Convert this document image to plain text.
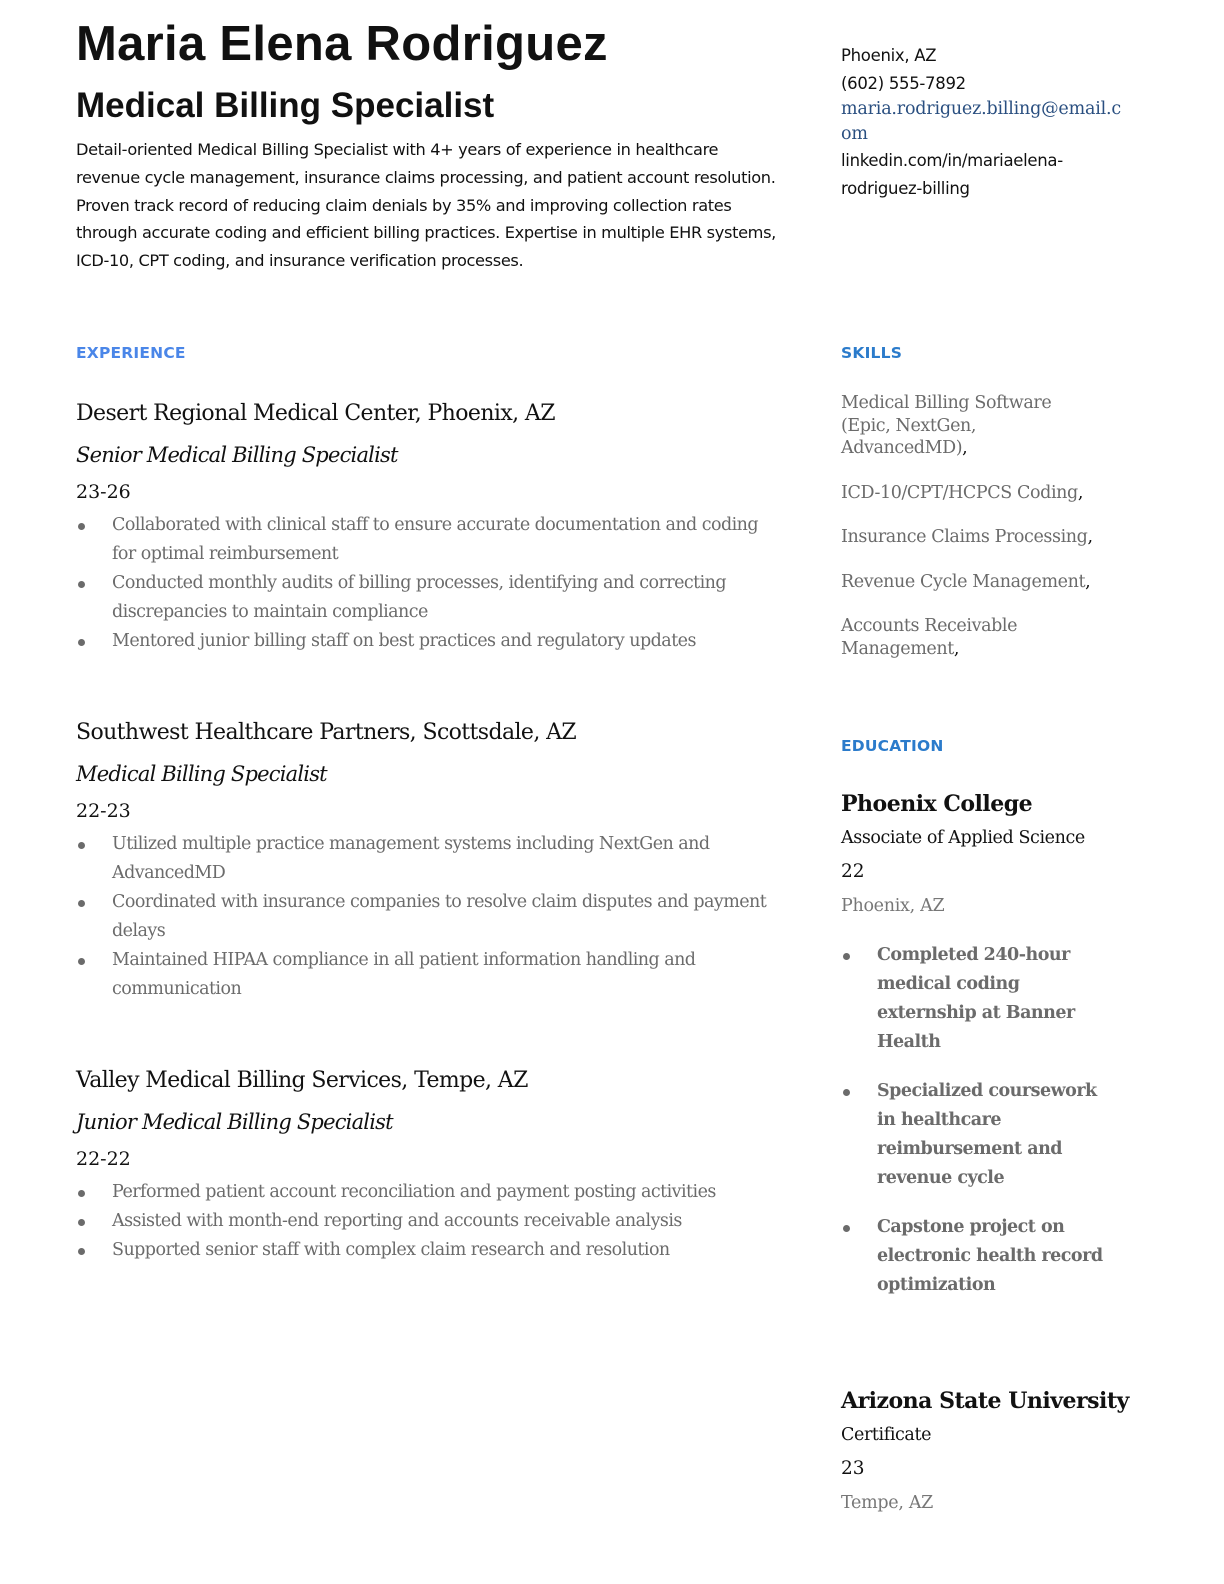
Maria Elena Rodriguez
Medical Billing Specialist

Detail-oriented Medical Billing Specialist with 4+ years of experience in healthcare revenue cycle management, insurance claims processing, and patient account resolution. Proven track record of reducing claim denials by 35% and improving collection rates through accurate coding and efficient billing practices. Expertise in multiple EHR systems, ICD-10, CPT coding, and insurance verification processes.

EXPERIENCE
Desert Regional Medical Center, Phoenix, AZ
Senior Medical Billing Specialist
23-26
Collaborated with clinical staff to ensure accurate documentation and coding for optimal reimbursement
Conducted monthly audits of billing processes, identifying and correcting discrepancies to maintain compliance
Mentored junior billing staff on best practices and regulatory updates
Southwest Healthcare Partners, Scottsdale, AZ
Medical Billing Specialist
22-23
Utilized multiple practice management systems including NextGen and AdvancedMD
Coordinated with insurance companies to resolve claim disputes and payment delays
Maintained HIPAA compliance in all patient information handling and communication
Valley Medical Billing Services, Tempe, AZ
Junior Medical Billing Specialist
22-22
Performed patient account reconciliation and payment posting activities
Assisted with month-end reporting and accounts receivable analysis
Supported senior staff with complex claim research and resolution
Phoenix, AZ
(602) 555-7892
maria.rodriguez.billing@email.com
linkedin.com/in/mariaelena-rodriguez-billing
SKILLS
Medical Billing Software (Epic, NextGen, AdvancedMD),
ICD-10/CPT/HCPCS Coding,
Insurance Claims Processing,
Revenue Cycle Management,
Accounts Receivable Management,
EDUCATION
Phoenix College
Associate of Applied Science
22
Phoenix, AZ
Completed 240-hour medical coding externship at Banner Health
Specialized coursework in healthcare reimbursement and revenue cycle
Capstone project on electronic health record optimization
Arizona State University
Certificate
23
Tempe, AZ
